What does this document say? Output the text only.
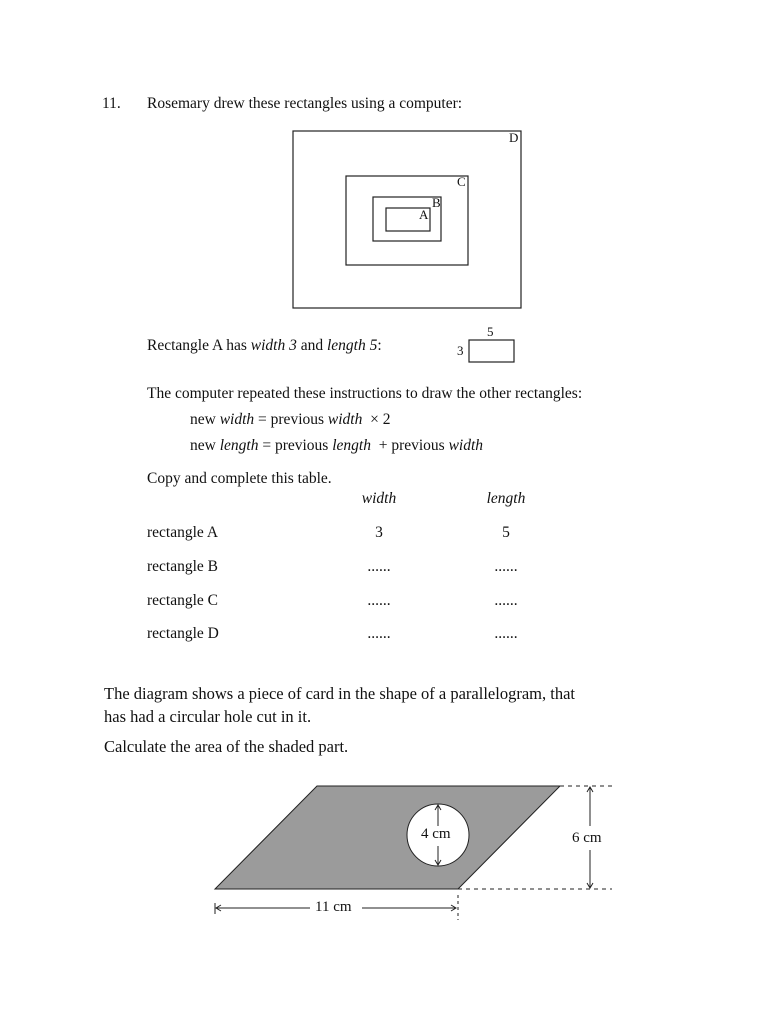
11. Rosemary drew these rectangles using a computer:
D
C
B
A
Rectangle A has width 3 and length 5:
5
3
The computer repeated these instructions to draw the other rectangles:
new width = previous width  × 2
new length = previous length  + previous width
Copy and complete this table.
width	length
rectangle A	3	5
rectangle B	......	......
rectangle C	......	......
rectangle D	......	......
The diagram shows a piece of card in the shape of a parallelogram, that
has had a circular hole cut in it.
Calculate the area of the shaded part.
4 cm	6 cm
11 cm
